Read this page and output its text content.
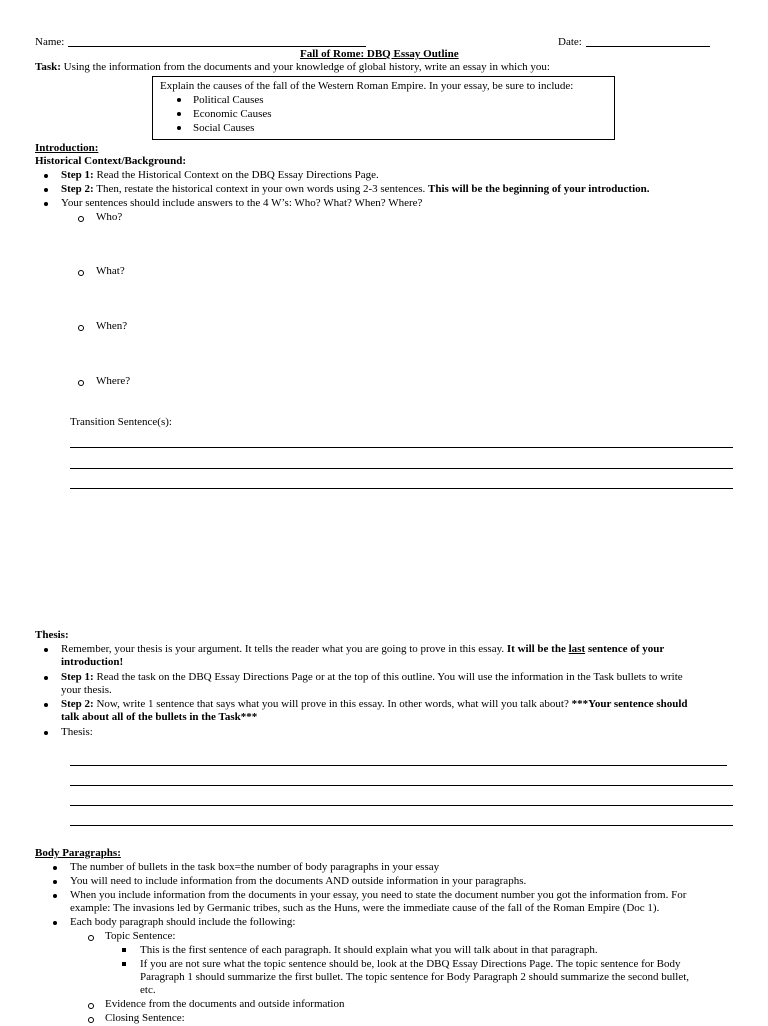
Name:	Date:
Fall of Rome: DBQ Essay Outline
Task: Using the information from the documents and your knowledge of global history, write an essay in which you:
Explain the causes of the fall of the Western Roman Empire. In your essay, be sure to include:
Political Causes
Economic Causes
Social Causes
Introduction:
Historical Context/Background:
Step 1: Read the Historical Context on the DBQ Essay Directions Page.
Step 2: Then, restate the historical context in your own words using 2-3 sentences. This will be the beginning of your introduction.
Your sentences should include answers to the 4 W’s: Who? What? When? Where?
Who?
What?
When?
Where?
Transition Sentence(s):
Thesis:
Remember, your thesis is your argument. It tells the reader what you are going to prove in this essay. It will be the last sentence of your
introduction!
Step 1: Read the task on the DBQ Essay Directions Page or at the top of this outline. You will use the information in the Task bullets to write
your thesis.
Step 2: Now, write 1 sentence that says what you will prove in this essay. In other words, what will you talk about? ***Your sentence should
talk about all of the bullets in the Task***
Thesis:
Body Paragraphs:
The number of bullets in the task box=the number of body paragraphs in your essay
You will need to include information from the documents AND outside information in your paragraphs.
When you include information from the documents in your essay, you need to state the document number you got the information from. For
example: The invasions led by Germanic tribes, such as the Huns, were the immediate cause of the fall of the Roman Empire (Doc 1).
Each body paragraph should include the following:
Topic Sentence:
This is the first sentence of each paragraph. It should explain what you will talk about in that paragraph.
If you are not sure what the topic sentence should be, look at the DBQ Essay Directions Page. The topic sentence for Body
Paragraph 1 should summarize the first bullet. The topic sentence for Body Paragraph 2 should summarize the second bullet,
etc.
Evidence from the documents and outside information
Closing Sentence:
